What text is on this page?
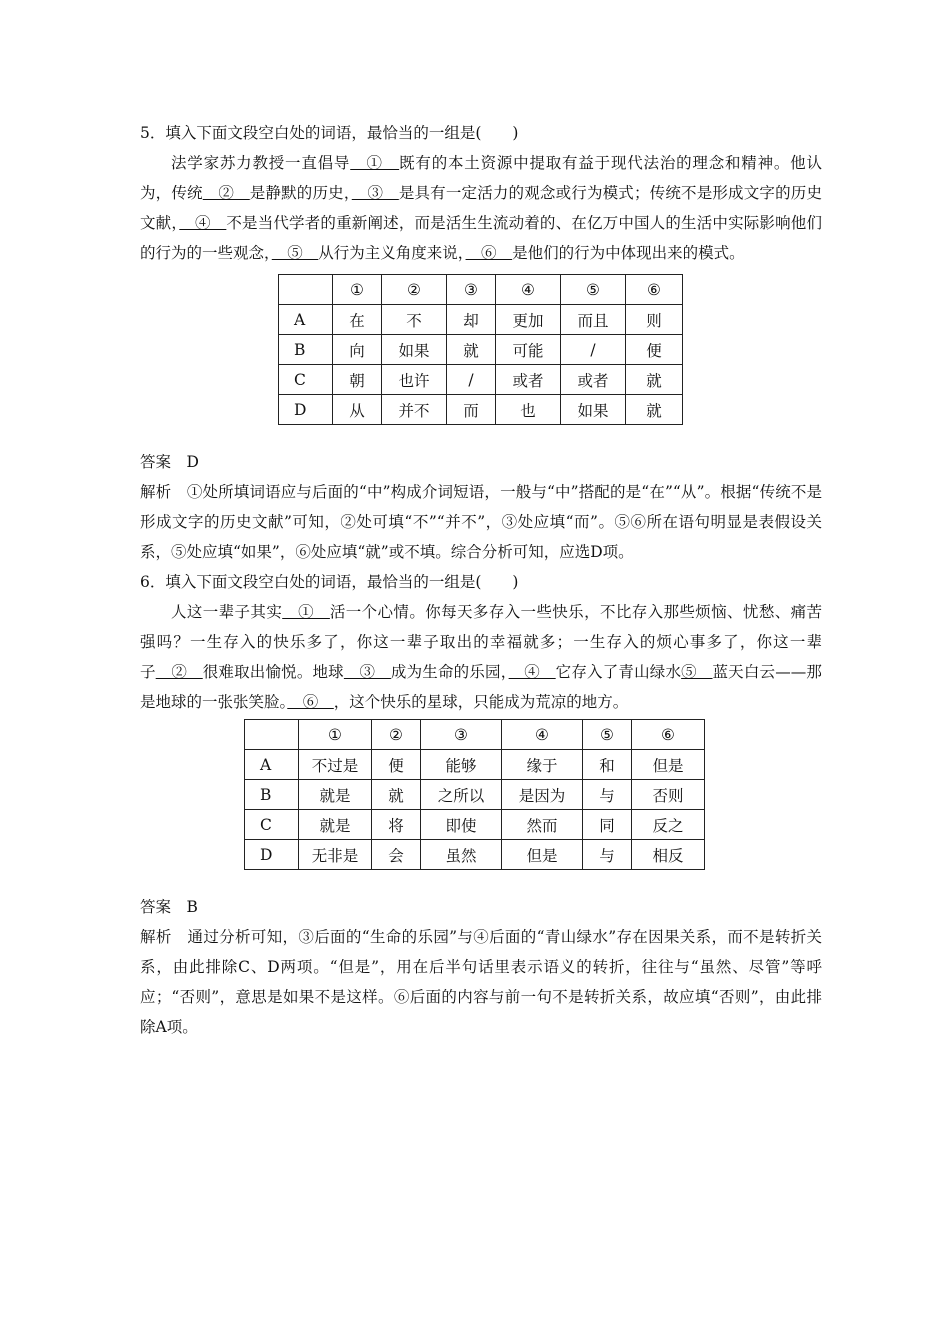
5．填入下面文段空白处的词语，最恰当的一组是(　　)

法学家苏力教授一直倡导　①　既有的本土资源中提取有益于现代法治的理念和精神。他认为，传统　②　是静默的历史，　③　是具有一定活力的观念或行为模式；传统不是形成文字的历史文献，　④　不是当代学者的重新阐述，而是活生生流动着的、在亿万中国人的生活中实际影响他们的行为的一些观念，　⑤　从行为主义角度来说，　⑥　是他们的行为中体现出来的模式。

	①	②	③	④	⑤	⑥
A	在	不	却	更加	而且	则
B	向	如果	就	可能	/	便
C	朝	也许	/	或者	或者	就
D	从	并不	而	也	如果	就

答案　D

解析　①处所填词语应与后面的“中”构成介词短语，一般与“中”搭配的是“在”“从”。根据“传统不是形成文字的历史文献”可知，②处可填“不”“并不”，③处应填“而”。⑤⑥所在语句明显是表假设关系，⑤处应填“如果”，⑥处应填“就”或不填。综合分析可知，应选D项。

6．填入下面文段空白处的词语，最恰当的一组是(　　)

人这一辈子其实　①　活一个心情。你每天多存入一些快乐，不比存入那些烦恼、忧愁、痛苦强吗？一生存入的快乐多了，你这一辈子取出的幸福就多；一生存入的烦心事多了，你这一辈子　②　很难取出愉悦。地球　③　成为生命的乐园，　④　它存入了青山绿水⑤　蓝天白云——那是地球的一张张笑脸。　⑥　，这个快乐的星球，只能成为荒凉的地方。

	①	②	③	④	⑤	⑥
A	不过是	便	能够	缘于	和	但是
B	就是	就	之所以	是因为	与	否则
C	就是	将	即使	然而	同	反之
D	无非是	会	虽然	但是	与	相反

答案　B

解析　通过分析可知，③后面的“生命的乐园”与④后面的“青山绿水”存在因果关系，而不是转折关系，由此排除C、D两项。“但是”，用在后半句话里表示语义的转折，往往与“虽然、尽管”等呼应；“否则”，意思是如果不是这样。⑥后面的内容与前一句不是转折关系，故应填“否则”，由此排除A项。
